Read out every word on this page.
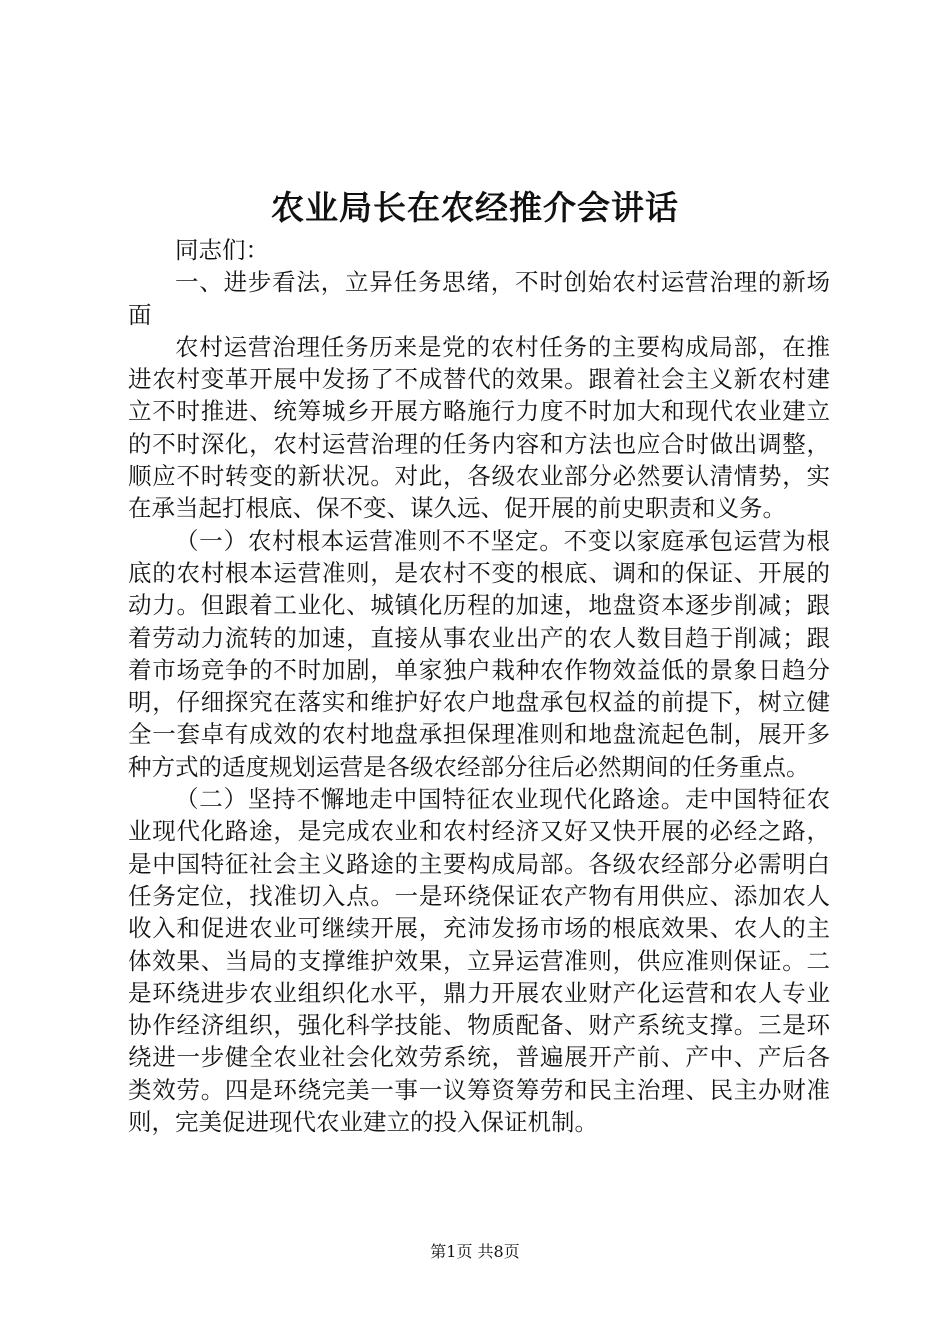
农业局长在农经推介会讲话

同志们：

一、进步看法，立异任务思绪，不时创始农村运营治理的新场面

农村运营治理任务历来是党的农村任务的主要构成局部，在推进农村变革开展中发扬了不成替代的效果。跟着社会主义新农村建立不时推进、统筹城乡开展方略施行力度不时加大和现代农业建立的不时深化，农村运营治理的任务内容和方法也应合时做出调整，顺应不时转变的新状况。对此，各级农业部分必然要认清情势，实在承当起打根底、保不变、谋久远、促开展的前史职责和义务。

（一）农村根本运营准则不不坚定。不变以家庭承包运营为根底的农村根本运营准则，是农村不变的根底、调和的保证、开展的动力。但跟着工业化、城镇化历程的加速，地盘资本逐步削减；跟着劳动力流转的加速，直接从事农业出产的农人数目趋于削减；跟着市场竞争的不时加剧，单家独户栽种农作物效益低的景象日趋分明，仔细探究在落实和维护好农户地盘承包权益的前提下，树立健全一套卓有成效的农村地盘承担保理准则和地盘流起色制，展开多种方式的适度规划运营是各级农经部分往后必然期间的任务重点。

（二）坚持不懈地走中国特征农业现代化路途。走中国特征农业现代化路途，是完成农业和农村经济又好又快开展的必经之路，是中国特征社会主义路途的主要构成局部。各级农经部分必需明白任务定位，找准切入点。一是环绕保证农产物有用供应、添加农人收入和促进农业可继续开展，充沛发扬市场的根底效果、农人的主体效果、当局的支撑维护效果，立异运营准则，供应准则保证。二是环绕进步农业组织化水平，鼎力开展农业财产化运营和农人专业协作经济组织，强化科学技能、物质配备、财产系统支撑。三是环绕进一步健全农业社会化效劳系统，普遍展开产前、产中、产后各类效劳。四是环绕完美一事一议筹资筹劳和民主治理、民主办财准则，完美促进现代农业建立的投入保证机制。

第1页 共8页
